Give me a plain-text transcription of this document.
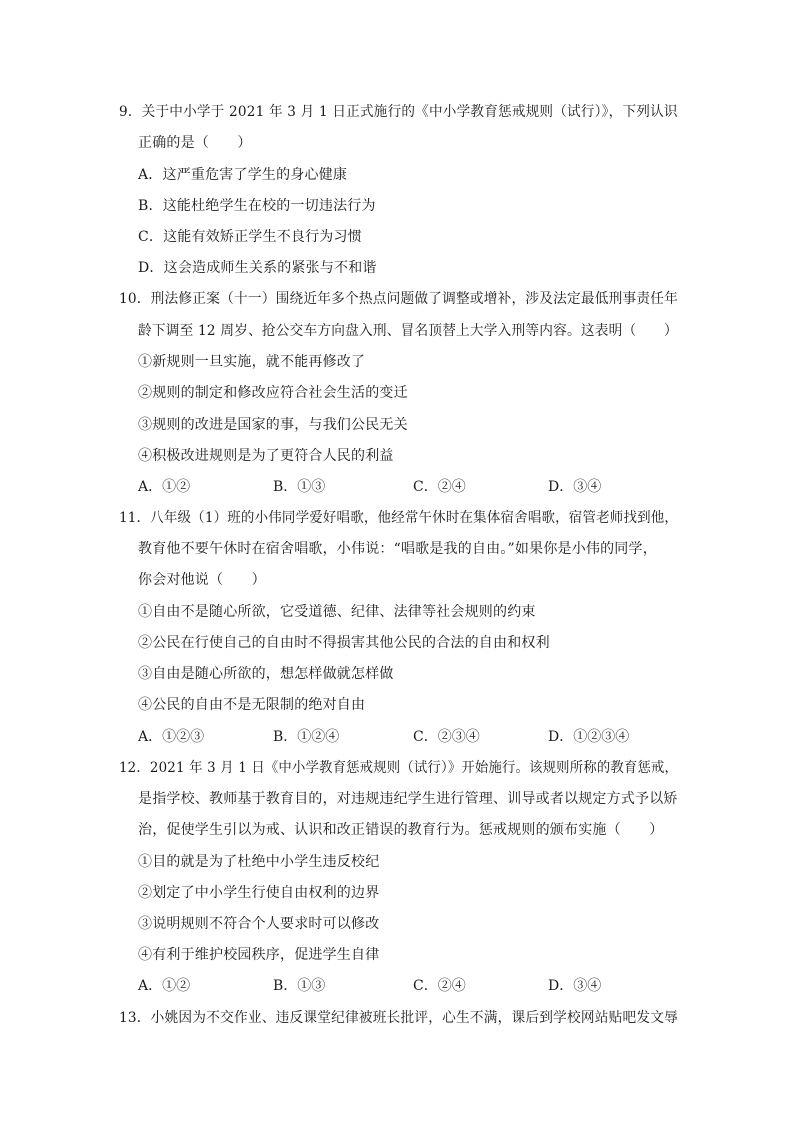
9．关于中小学于 2021 年 3 月 1 日正式施行的《中小学教育惩戒规则（试行）》，下列认识
正确的是（　　）
A．这严重危害了学生的身心健康
B．这能杜绝学生在校的一切违法行为
C．这能有效矫正学生不良行为习惯
D．这会造成师生关系的紧张与不和谐
10．刑法修正案（十一）围绕近年多个热点问题做了调整或增补，涉及法定最低刑事责任年
龄下调至 12 周岁、抢公交车方向盘入刑、冒名顶替上大学入刑等内容。这表明（　　）
①新规则一旦实施，就不能再修改了
②规则的制定和修改应符合社会生活的变迁
③规则的改进是国家的事，与我们公民无关
④积极改进规则是为了更符合人民的利益
A．①②	B．①③	C．②④	D．③④
11．八年级（1）班的小伟同学爱好唱歌，他经常午休时在集体宿舍唱歌，宿管老师找到他，
教育他不要午休时在宿舍唱歌，小伟说：“唱歌是我的自由。”如果你是小伟的同学，
你会对他说（　　）
①自由不是随心所欲，它受道德、纪律、法律等社会规则的约束
②公民在行使自己的自由时不得损害其他公民的合法的自由和权利
③自由是随心所欲的，想怎样做就怎样做
④公民的自由不是无限制的绝对自由
A．①②③	B．①②④	C．②③④	D．①②③④
12．2021 年 3 月 1 日《中小学教育惩戒规则（试行）》开始施行。该规则所称的教育惩戒，
是指学校、教师基于教育目的，对违规违纪学生进行管理、训导或者以规定方式予以矫
治，促使学生引以为戒、认识和改正错误的教育行为。惩戒规则的颁布实施（　　）
①目的就是为了杜绝中小学生违反校纪
②划定了中小学生行使自由权利的边界
③说明规则不符合个人要求时可以修改
④有利于维护校园秩序，促进学生自律
A．①②	B．①③	C．②④	D．③④
13．小姚因为不交作业、违反课堂纪律被班长批评，心生不满，课后到学校网站贴吧发文辱
